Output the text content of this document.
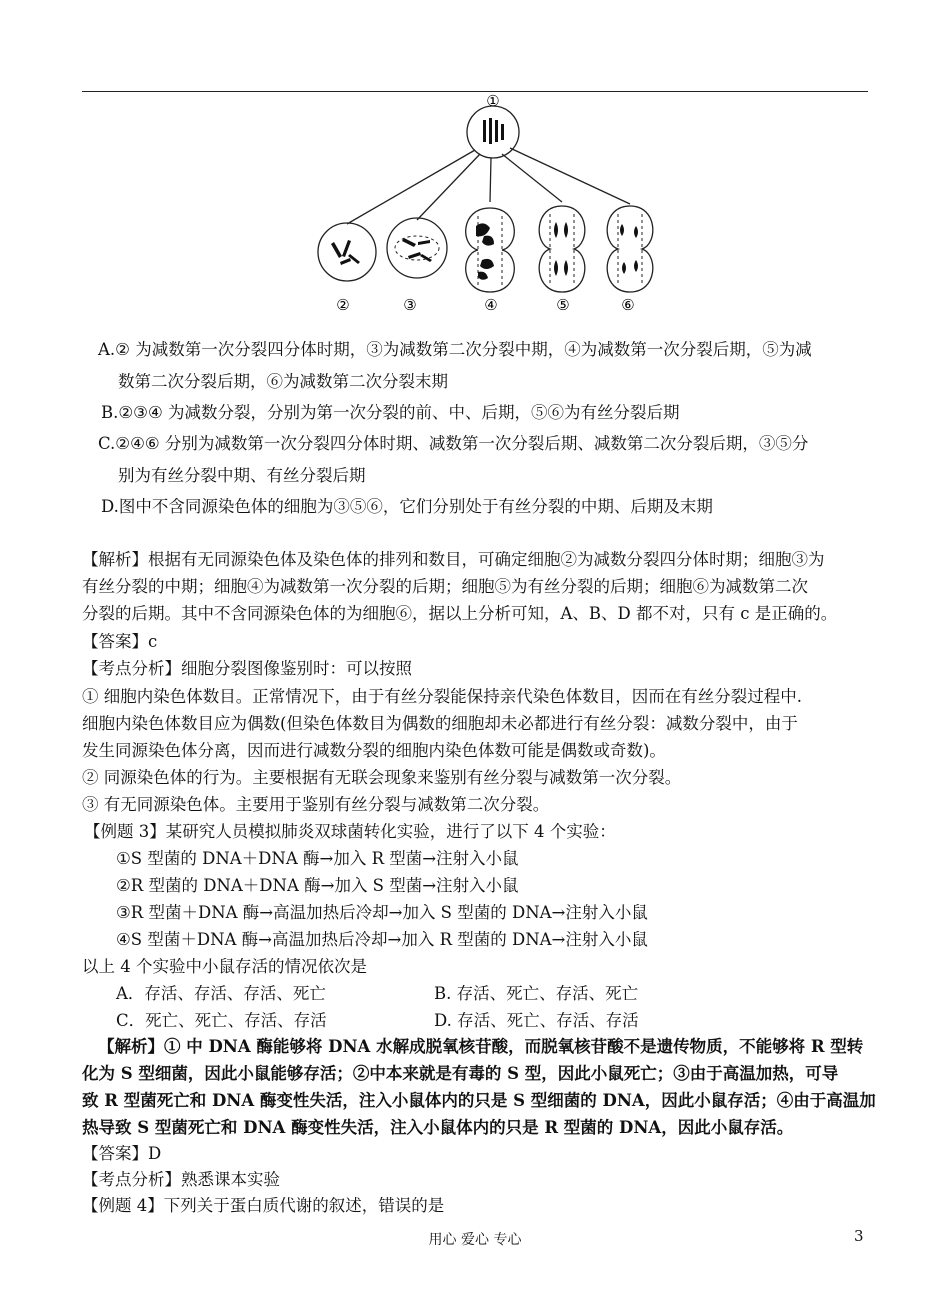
①
②	③	④	⑤	⑥
A.② 为减数第一次分裂四分体时期，③为减数第二次分裂中期，④为减数第一次分裂后期，⑤为减
数第二次分裂后期，⑥为减数第二次分裂末期
B.②③④ 为减数分裂，分别为第一次分裂的前、中、后期，⑤⑥为有丝分裂后期
C.②④⑥ 分别为减数第一次分裂四分体时期、减数第一次分裂后期、减数第二次分裂后期，③⑤分
别为有丝分裂中期、有丝分裂后期
D.图中不含同源染色体的细胞为③⑤⑥，它们分别处于有丝分裂的中期、后期及末期
【解析】根据有无同源染色体及染色体的排列和数目，可确定细胞②为减数分裂四分体时期；细胞③为
有丝分裂的中期；细胞④为减数第一次分裂的后期；细胞⑤为有丝分裂的后期；细胞⑥为减数第二次
分裂的后期。其中不含同源染色体的为细胞⑥，据以上分析可知，A、B、D 都不对，只有 c 是正确的。
【答案】c
【考点分析】细胞分裂图像鉴别时：可以按照
① 细胞内染色体数目。正常情况下，由于有丝分裂能保持亲代染色体数目，因而在有丝分裂过程中.
细胞内染色体数目应为偶数(但染色体数目为偶数的细胞却未必都进行有丝分裂：减数分裂中，由于
发生同源染色体分离，因而进行减数分裂的细胞内染色体数可能是偶数或奇数)。
② 同源染色体的行为。主要根据有无联会现象来鉴别有丝分裂与减数第一次分裂。
③ 有无同源染色体。主要用于鉴别有丝分裂与减数第二次分裂。
【例题 3】某研究人员模拟肺炎双球菌转化实验，进行了以下 4 个实验：
①S 型菌的 DNA＋DNA 酶→加入 R 型菌→注射入小鼠
②R 型菌的 DNA＋DNA 酶→加入 S 型菌→注射入小鼠
③R 型菌＋DNA 酶→高温加热后冷却→加入 S 型菌的 DNA→注射入小鼠
④S 型菌＋DNA 酶→高温加热后冷却→加入 R 型菌的 DNA→注射入小鼠
以上 4 个实验中小鼠存活的情况依次是
A．存活、存活、存活、死亡	B. 存活、死亡、存活、死亡
C．死亡、死亡、存活、存活	D. 存活、死亡、存活、存活
【解析】① 中 DNA 酶能够将 DNA 水解成脱氧核苷酸，而脱氧核苷酸不是遗传物质，不能够将 R 型转
化为 S 型细菌，因此小鼠能够存活；②中本来就是有毒的 S 型，因此小鼠死亡；③由于高温加热，可导
致 R 型菌死亡和 DNA 酶变性失活，注入小鼠体内的只是 S 型细菌的 DNA，因此小鼠存活；④由于高温加
热导致 S 型菌死亡和 DNA 酶变性失活，注入小鼠体内的只是 R 型菌的 DNA，因此小鼠存活。
【答案】D
【考点分析】熟悉课本实验
【例题 4】下列关于蛋白质代谢的叙述，错误的是
用心 爱心 专心	3
